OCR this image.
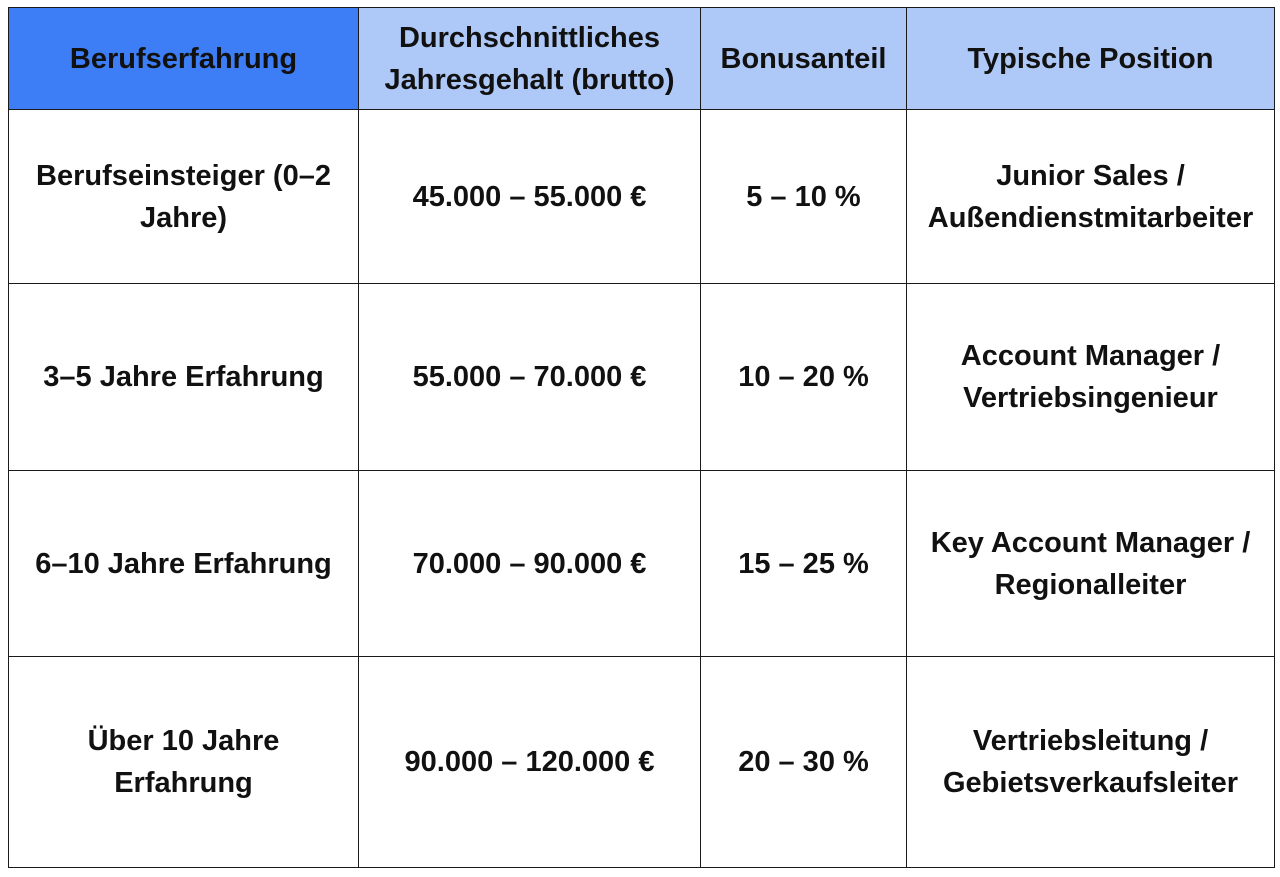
Berufserfahrung	Durchschnittliches Jahresgehalt (brutto)	Bonusanteil	Typische Position
Berufseinsteiger (0–2 Jahre)	45.000 – 55.000 €	5 – 10 %	Junior Sales / Außendienstmitarbeiter
3–5 Jahre Erfahrung	55.000 – 70.000 €	10 – 20 %	Account Manager / Vertriebsingenieur
6–10 Jahre Erfahrung	70.000 – 90.000 €	15 – 25 %	Key Account Manager / Regionalleiter
Über 10 Jahre Erfahrung	90.000 – 120.000 €	20 – 30 %	Vertriebsleitung / Gebietsverkaufsleiter
